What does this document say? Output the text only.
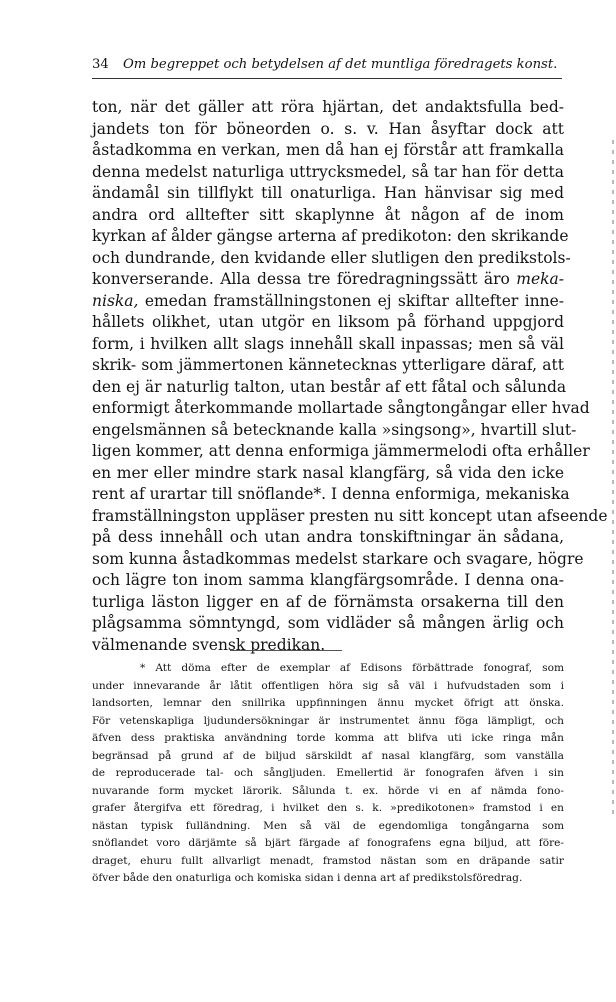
34 Om begreppet och betydelsen af det muntliga föredragets konst.
ton, när det gäller att röra hjärtan, det andaktsfulla bed-
jandets ton för böneorden o. s. v. Han åsyftar dock att
åstadkomma en verkan, men då han ej förstår att framkalla
denna medelst naturliga uttrycksmedel, så tar han för detta
ändamål sin tillflykt till onaturliga. Han hänvisar sig med
andra ord alltefter sitt skaplynne åt någon af de inom
kyrkan af ålder gängse arterna af predikoton: den skrikande
och dundrande, den kvidande eller slutligen den predikstols-
konverserande. Alla dessa tre föredragningssätt äro meka-
niska, emedan framställningstonen ej skiftar alltefter inne-
hållets olikhet, utan utgör en liksom på förhand uppgjord
form, i hvilken allt slags innehåll skall inpassas; men så väl
skrik- som jämmertonen kännetecknas ytterligare däraf, att
den ej är naturlig talton, utan består af ett fåtal och sålunda
enformigt återkommande mollartade sångtongångar eller hvad
engelsmännen så betecknande kalla »singsong», hvartill slut-
ligen kommer, att denna enformiga jämmermelodi ofta erhåller
en mer eller mindre stark nasal klangfärg, så vida den icke
rent af urartar till snöflande*. I denna enformiga, mekaniska
framställningston uppläser presten nu sitt koncept utan afseende
på dess innehåll och utan andra tonskiftningar än sådana,
som kunna åstadkommas medelst starkare och svagare, högre
och lägre ton inom samma klangfärgsområde. I denna ona-
turliga läston ligger en af de förnämsta orsakerna till den
plågsamma sömntyngd, som vidläder så mången ärlig och
välmenande svensk predikan.
* Att döma efter de exemplar af Edisons förbättrade fonograf, som
under innevarande år låtit offentligen höra sig så väl i hufvudstaden som i
landsorten, lemnar den snillrika uppfinningen ännu mycket öfrigt att önska.
För vetenskapliga ljudundersökningar är instrumentet ännu föga lämpligt, och
äfven dess praktiska användning torde komma att blifva uti icke ringa mån
begränsad på grund af de biljud särskildt af nasal klangfärg, som vanställa
de reproducerade tal- och sångljuden. Emellertid är fonografen äfven i sin
nuvarande form mycket lärorik. Sålunda t. ex. hörde vi en af nämda fono-
grafer återgifva ett föredrag, i hvilket den s. k. »predikotonen» framstod i en
nästan typisk fulländning. Men så väl de egendomliga tongångarna som
snöflandet voro därjämte så bjärt färgade af fonografens egna biljud, att före-
draget, ehuru fullt allvarligt menadt, framstod nästan som en dräpande satir
öfver både den onaturliga och komiska sidan i denna art af predikstolsföredrag.
